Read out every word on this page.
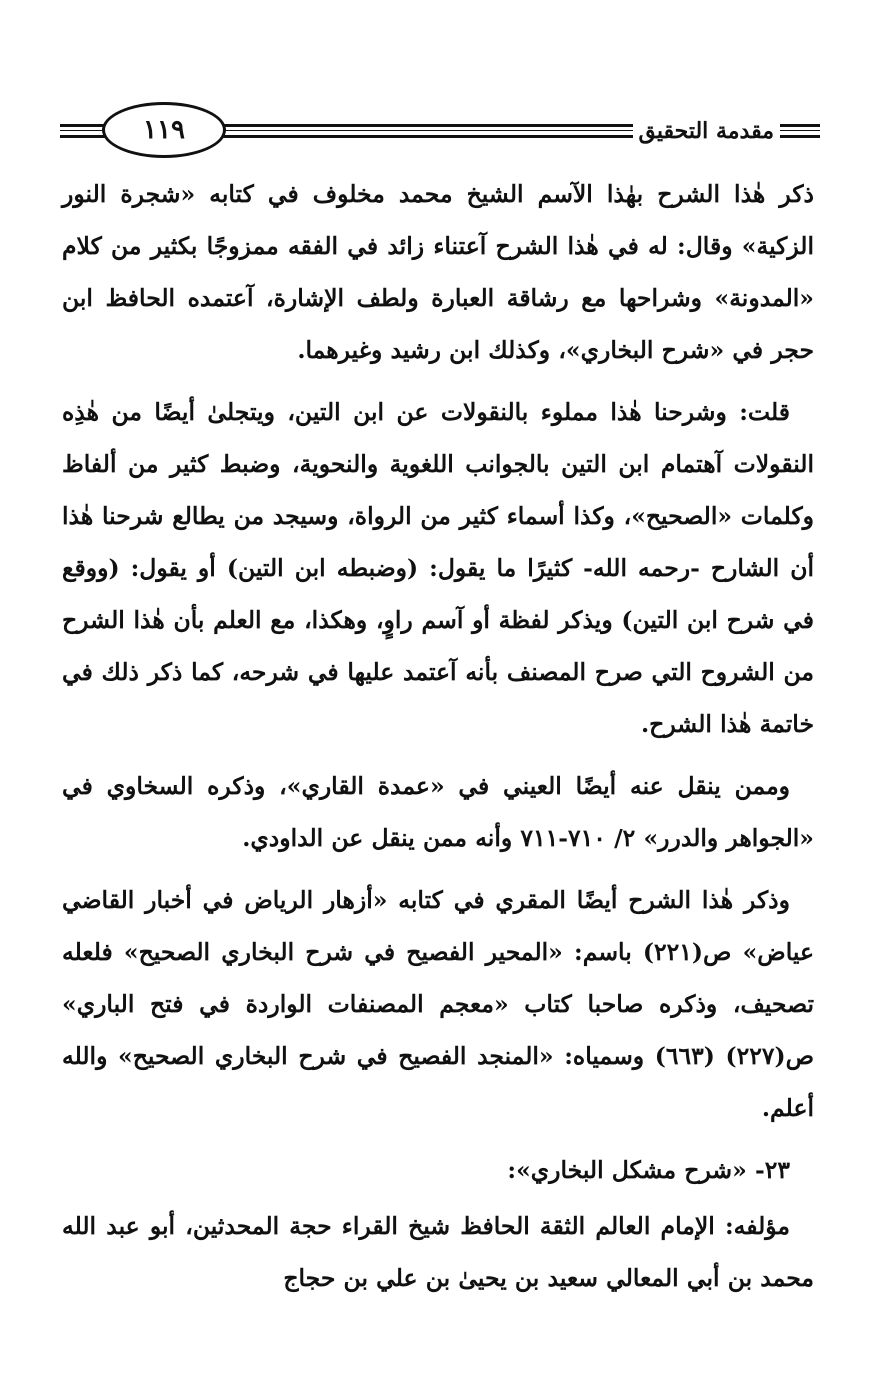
مقدمة التحقيق
١١٩

ذكر هٰذا الشرح بهٰذا الآسم الشيخ محمد مخلوف في كتابه «شجرة النور الزكية» وقال: له في هٰذا الشرح آعتناء زائد في الفقه ممزوجًا بكثير من كلام «المدونة» وشراحها مع رشاقة العبارة ولطف الإشارة، آعتمده الحافظ ابن حجر في «شرح البخاري»، وكذلك ابن رشيد وغيرهما.

قلت: وشرحنا هٰذا مملوء بالنقولات عن ابن التين، ويتجلىٰ أيضًا من هٰذِه النقولات آهتمام ابن التين بالجوانب اللغوية والنحوية، وضبط كثير من ألفاظ وكلمات «الصحيح»، وكذا أسماء كثير من الرواة، وسيجد من يطالع شرحنا هٰذا أن الشارح -رحمه الله- كثيرًا ما يقول: (وضبطه ابن التين) أو يقول: (ووقع في شرح ابن التين) ويذكر لفظة أو آسم راوٍ، وهكذا، مع العلم بأن هٰذا الشرح من الشروح التي صرح المصنف بأنه آعتمد عليها في شرحه، كما ذكر ذلك في خاتمة هٰذا الشرح.

وممن ينقل عنه أيضًا العيني في «عمدة القاري»، وذكره السخاوي في «الجواهر والدرر» ٢/ ٧١٠-٧١١ وأنه ممن ينقل عن الداودي.

وذكر هٰذا الشرح أيضًا المقري في كتابه «أزهار الرياض في أخبار القاضي عياض» ص(٢٢١) باسم: «المحير الفصيح في شرح البخاري الصحيح» فلعله تصحيف، وذكره صاحبا كتاب «معجم المصنفات الواردة في فتح الباري» ص(٢٢٧) (٦٦٣) وسمياه: «المنجد الفصيح في شرح البخاري الصحيح» والله أعلم.

٢٣- «شرح مشكل البخاري»:

مؤلفه: الإمام العالم الثقة الحافظ شيخ القراء حجة المحدثين، أبو عبد الله محمد بن أبي المعالي سعيد بن يحيىٰ بن علي بن حجاج
